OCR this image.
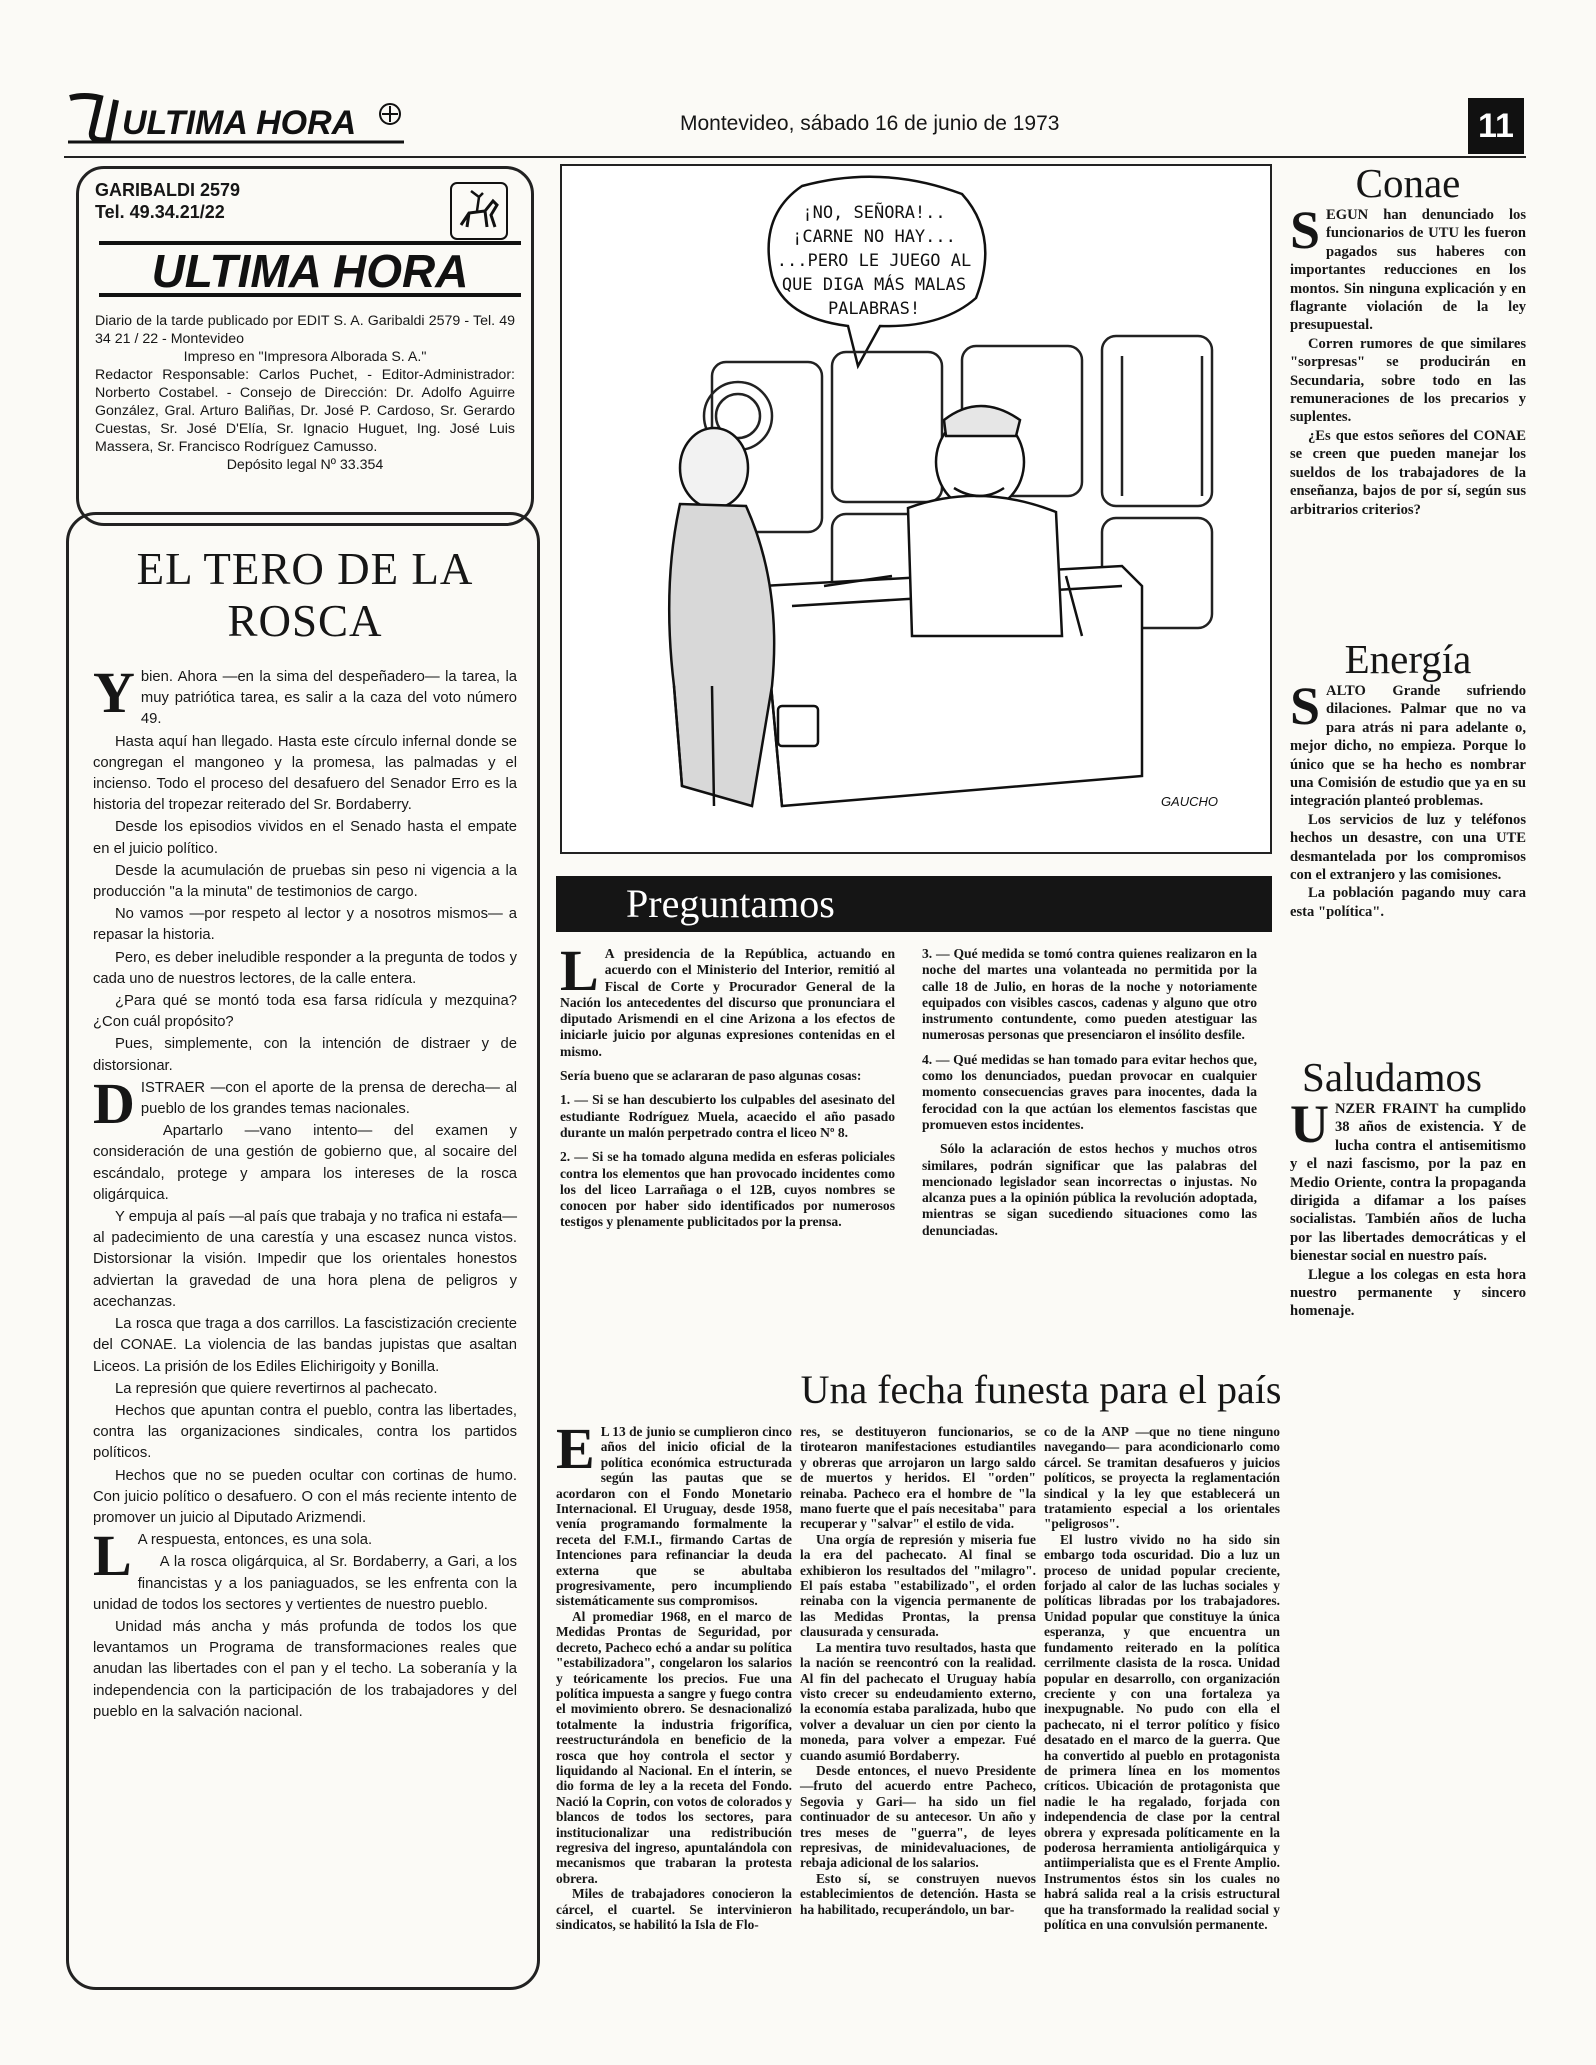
ULTIMA HORA	Montevideo, sábado 16 de junio de 1973	11
GARIBALDI 2579
Tel. 49.34.21/22
ULTIMA HORA

Diario de la tarde publicado por EDIT S. A. Garibaldi 2579 - Tel. 49 34 21 / 22 - Montevideo

Impreso en "Impresora Alborada S. A."

Redactor Responsable: Carlos Puchet, - Editor-Administrador: Norberto Costabel. - Consejo de Dirección: Dr. Adolfo Aguirre González, Gral. Arturo Baliñas, Dr. José P. Cardoso, Sr. Gerardo Cuestas, Sr. José D'Elía, Sr. Ignacio Huguet, Ing. José Luis Massera, Sr. Francisco Rodríguez Camusso.

Depósito legal Nº 33.354

EL TERO DE LA ROSCA

Ybien. Ahora —en la sima del despeñadero— la tarea, la muy patriótica tarea, es salir a la caza del voto número 49.

Hasta aquí han llegado. Hasta este círculo infernal donde se congregan el mangoneo y la promesa, las palmadas y el incienso. Todo el proceso del desafuero del Senador Erro es la historia del tropezar reiterado del Sr. Bordaberry.

Desde los episodios vividos en el Senado hasta el empate en el juicio político.

Desde la acumulación de pruebas sin peso ni vigencia a la producción "a la minuta" de testimonios de cargo.

No vamos —por respeto al lector y a nosotros mismos— a repasar la historia.

Pero, es deber ineludible responder a la pregunta de todos y cada uno de nuestros lectores, de la calle entera.

¿Para qué se montó toda esa farsa ridícula y mezquina? ¿Con cuál propósito?

Pues, simplemente, con la intención de distraer y de distorsionar.

DISTRAER —con el aporte de la prensa de derecha— al pueblo de los grandes temas nacionales.

Apartarlo —vano intento— del examen y consideración de una gestión de gobierno que, al socaire del escándalo, protege y ampara los intereses de la rosca oligárquica.

Y empuja al país —al país que trabaja y no trafica ni estafa— al padecimiento de una carestía y una escasez nunca vistos. Distorsionar la visión. Impedir que los orientales honestos adviertan la gravedad de una hora plena de peligros y acechanzas.

La rosca que traga a dos carrillos. La fascistización creciente del CONAE. La violencia de las bandas jupistas que asaltan Liceos. La prisión de los Ediles Elichirigoity y Bonilla.

La represión que quiere revertirnos al pachecato.

Hechos que apuntan contra el pueblo, contra las libertades, contra las organizaciones sindicales, contra los partidos políticos.

Hechos que no se pueden ocultar con cortinas de humo. Con juicio político o desafuero. O con el más reciente intento de promover un juicio al Diputado Arizmendi.

L A respuesta, entonces, es una sola.

A la rosca oligárquica, al Sr. Bordaberry, a Gari, a los financistas y a los paniaguados, se les enfrenta con la unidad de todos los sectores y vertientes de nuestro pueblo.

Unidad más ancha y más profunda de todos los que levantamos un Programa de transformaciones reales que anudan las libertades con el pan y el techo. La soberanía y la independencia con la participación de los trabajadores y del pueblo en la salvación nacional.

¡NO, SEÑORA!..
¡CARNE NO HAY...
...PERO LE JUEGO AL
QUE DIGA MÁS MALAS
PALABRAS!
GAUCHO
Conae

SEGUN han denunciado los funcionarios de UTU les fueron pagados sus haberes con importantes reducciones en los montos. Sin ninguna explicación y en flagrante violación de la ley presupuestal.

Corren rumores de que similares "sorpresas" se producirán en Secundaria, sobre todo en las remuneraciones de los precarios y suplentes.

¿Es que estos señores del CONAE se creen que pueden manejar los sueldos de los trabajadores de la enseñanza, bajos de por sí, según sus arbitrarios criterios?

Energía

SALTO Grande sufriendo dilaciones. Palmar que no va para atrás ni para adelante o, mejor dicho, no empieza. Porque lo único que se ha hecho es nombrar una Comisión de estudio que ya en su integración planteó problemas.

Los servicios de luz y teléfonos hechos un desastre, con una UTE desmantelada por los compromisos con el extranjero y las comisiones.

La población pagando muy cara esta "política".

Saludamos

UNZER FRAINT ha cumplido 38 años de existencia. Y de lucha contra el antisemitismo y el nazi fascismo, por la paz en Medio Oriente, contra la propaganda dirigida a difamar a los países socialistas. También años de lucha por las libertades democráticas y el bienestar social en nuestro país.

Llegue a los colegas en esta hora nuestro permanente y sincero homenaje.

Preguntamos

L A presidencia de la República, actuando en acuerdo con el Ministerio del Interior, remitió al Fiscal de Corte y Procurador General de la Nación los antecedentes del discurso que pronunciara el diputado Arismendi en el cine Arizona a los efectos de iniciarle juicio por algunas expresiones contenidas en el mismo.

Sería bueno que se aclararan de paso algunas cosas:

1. — Si se han descubierto los culpables del asesinato del estudiante Rodríguez Muela, acaecido el año pasado durante un malón perpetrado contra el liceo Nº 8.

2. — Si se ha tomado alguna medida en esferas policiales contra los elementos que han provocado incidentes como los del liceo Larrañaga o el 12B, cuyos nombres se conocen por haber sido identificados por numerosos testigos y plenamente publicitados por la prensa.

3. — Qué medida se tomó contra quienes realizaron en la noche del martes una volanteada no permitida por la calle 18 de Julio, en horas de la noche y notoriamente equipados con visibles cascos, cadenas y alguno que otro instrumento contundente, como pueden atestiguar las numerosas personas que presenciaron el insólito desfile.

4. — Qué medidas se han tomado para evitar hechos que, como los denunciados, puedan provocar en cualquier momento consecuencias graves para inocentes, dada la ferocidad con la que actúan los elementos fascistas que promueven estos incidentes.

Sólo la aclaración de estos hechos y muchos otros similares, podrán significar que las palabras del mencionado legislador sean incorrectas o injustas. No alcanza pues a la opinión pública la revolución adoptada, mientras se sigan sucediendo situaciones como las denunciadas.

Una fecha funesta para el país

E L 13 de junio se cumplieron cinco años del inicio oficial de la política económica estructurada según las pautas que se acordaron con el Fondo Monetario Internacional. El Uruguay, desde 1958, venía programando formalmente la receta del F.M.I., firmando Cartas de Intenciones para refinanciar la deuda externa que se abultaba progresivamente, pero incumpliendo sistemáticamente sus compromisos.

Al promediar 1968, en el marco de Medidas Prontas de Seguridad, por decreto, Pacheco echó a andar su política "estabilizadora", congelaron los salarios y teóricamente los precios. Fue una política impuesta a sangre y fuego contra el movimiento obrero. Se desnacionalizó totalmente la industria frigorífica, reestructurándola en beneficio de la rosca que hoy controla el sector y liquidando al Nacional. En el ínterin, se dio forma de ley a la receta del Fondo. Nació la Coprin, con votos de colorados y blancos de todos los sectores, para institucionalizar una redistribución regresiva del ingreso, apuntalándola con mecanismos que trabaran la protesta obrera.

Miles de trabajadores conocieron la cárcel, el cuartel. Se intervinieron sindicatos, se habilitó la Isla de Flo-

res, se destituyeron funcionarios, se tirotearon manifestaciones estudiantiles y obreras que arrojaron un largo saldo de muertos y heridos. El "orden" reinaba. Pacheco era el hombre de "la mano fuerte que el país necesitaba" para recuperar y "salvar" el estilo de vida.

Una orgía de represión y miseria fue la era del pachecato. Al final se exhibieron los resultados del "milagro". El país estaba "estabilizado", el orden reinaba con la vigencia permanente de las Medidas Prontas, la prensa clausurada y censurada.

La mentira tuvo resultados, hasta que la nación se reencontró con la realidad. Al fin del pachecato el Uruguay había visto crecer su endeudamiento externo, la economía estaba paralizada, hubo que volver a devaluar un cien por ciento la moneda, para volver a empezar. Fué cuando asumió Bordaberry.

Desde entonces, el nuevo Presidente —fruto del acuerdo entre Pacheco, Segovia y Gari— ha sido un fiel continuador de su antecesor. Un año y tres meses de "guerra", de leyes represivas, de minidevaluaciones, de rebaja adicional de los salarios.

Esto sí, se construyen nuevos establecimientos de detención. Hasta se ha habilitado, recuperándolo, un bar-

co de la ANP —que no tiene ninguno navegando— para acondicionarlo como cárcel. Se tramitan desafueros y juicios políticos, se proyecta la reglamentación sindical y la ley que establecerá un tratamiento especial a los orientales "peligrosos".

El lustro vivido no ha sido sin embargo toda oscuridad. Dio a luz un proceso de unidad popular creciente, forjado al calor de las luchas sociales y políticas libradas por los trabajadores. Unidad popular que constituye la única esperanza, y que encuentra un fundamento reiterado en la política cerrilmente clasista de la rosca. Unidad popular en desarrollo, con organización creciente y con una fortaleza ya inexpugnable. No pudo con ella el pachecato, ni el terror político y físico desatado en el marco de la guerra. Que ha convertido al pueblo en protagonista de primera línea en los momentos críticos. Ubicación de protagonista que nadie le ha regalado, forjada con independencia de clase por la central obrera y expresada políticamente en la poderosa herramienta antioligárquica y antiimperialista que es el Frente Amplio. Instrumentos éstos sin los cuales no habrá salida real a la crisis estructural que ha transformado la realidad social y política en una convulsión permanente.
